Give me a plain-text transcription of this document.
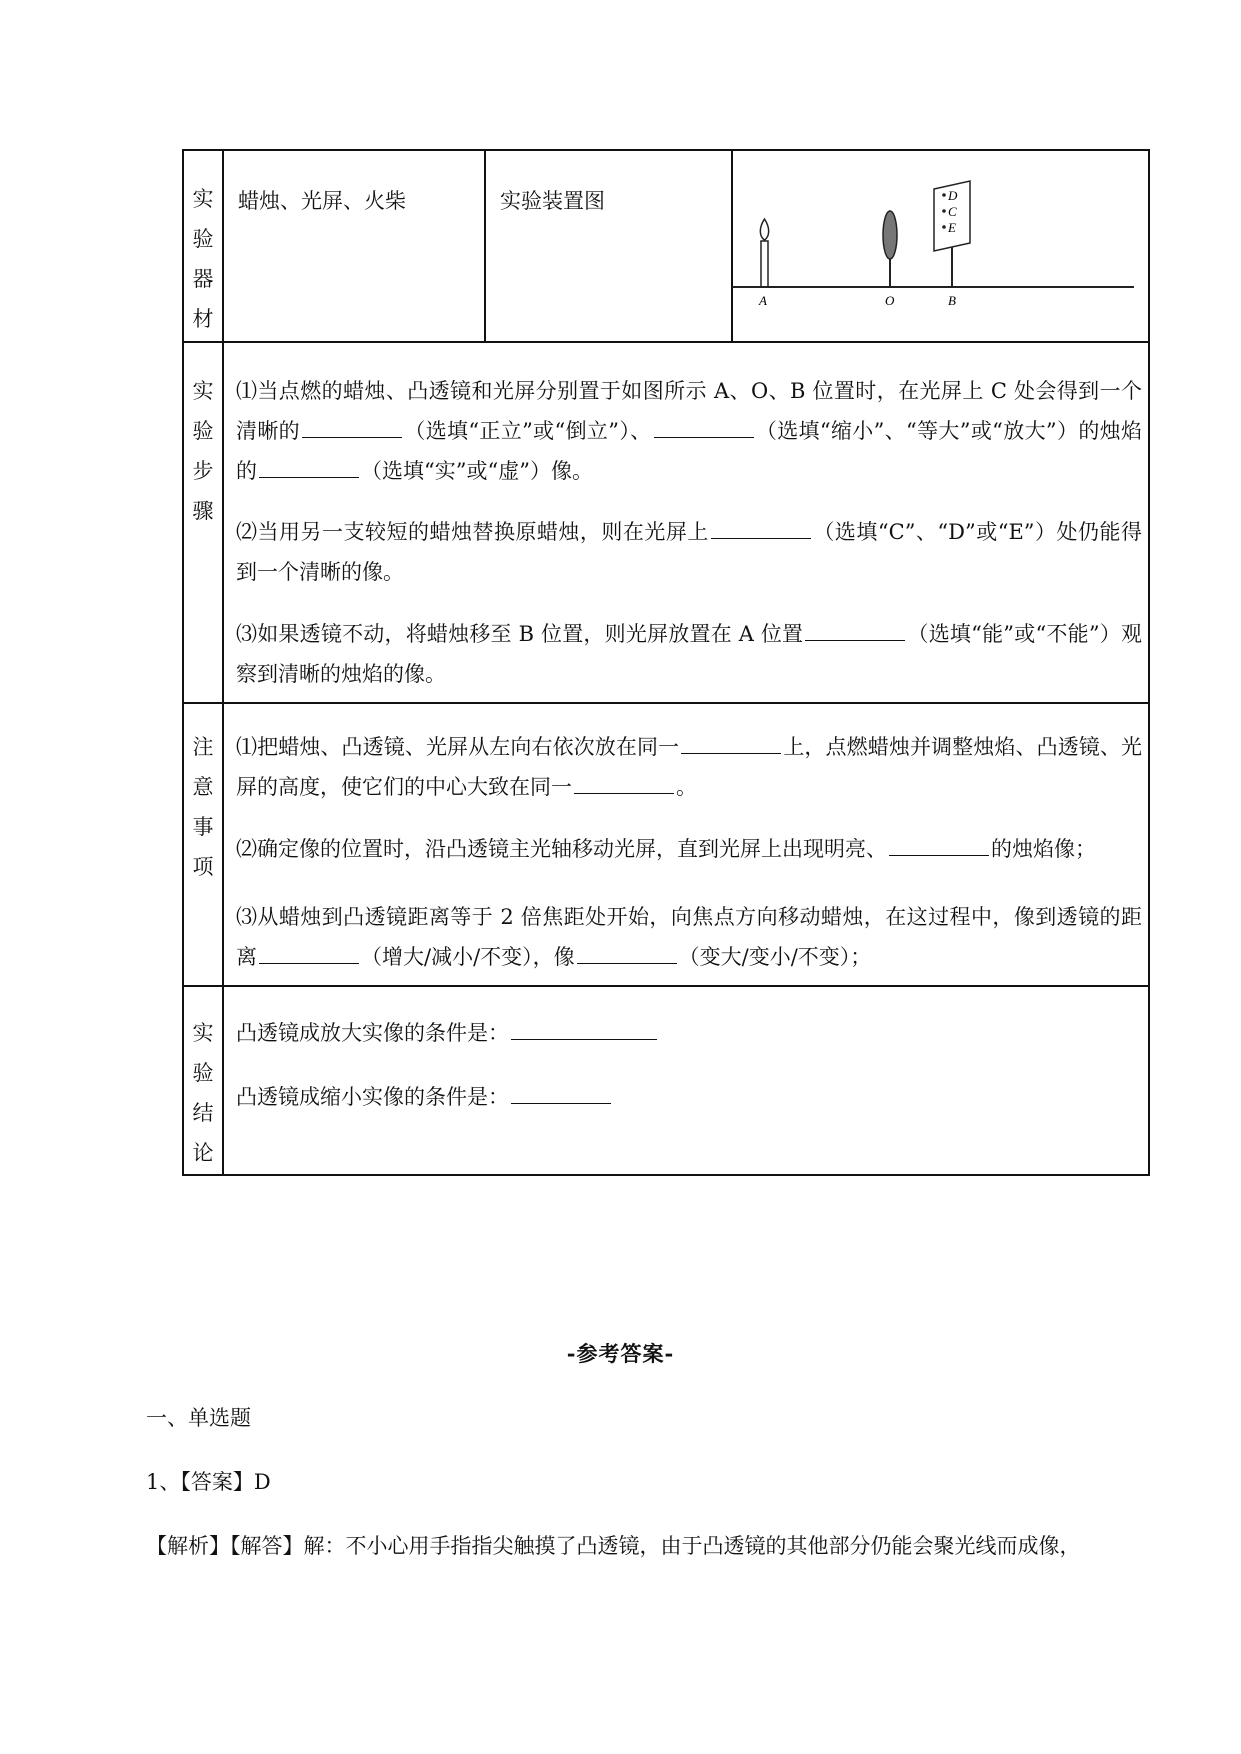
实验器材
蜡烛、光屏、火柴	实验装置图	D
C
E
A	O	B
实验步骤
⑴当点燃的蜡烛、凸透镜和光屏分别置于如图所示 A、O、B 位置时，在光屏上 C 处会得到一个清晰的	（选填“正立”或“倒立”）、	（选填“缩小”、“等大”或“放大”）的烛焰的	（选填“实”或“虚”）像。
⑵当用另一支较短的蜡烛替换原蜡烛，则在光屏上	（选填“C”、“D”或“E”）处仍能得到一个清晰的像。
⑶如果透镜不动，将蜡烛移至 B 位置，则光屏放置在 A 位置	（选填“能”或“不能”）观察到清晰的烛焰的像。
注意事项
⑴把蜡烛、凸透镜、光屏从左向右依次放在同一	上，点燃蜡烛并调整烛焰、凸透镜、光屏的高度，使它们的中心大致在同一	。
⑵确定像的位置时，沿凸透镜主光轴移动光屏，直到光屏上出现明亮、	的烛焰像；
⑶从蜡烛到凸透镜距离等于 2 倍焦距处开始，向焦点方向移动蜡烛，在这过程中，像到透镜的距离	（增大/减小/不变），像	（变大/变小/不变）；
实验结论
凸透镜成放大实像的条件是：
凸透镜成缩小实像的条件是：
-参考答案-
一、单选题
1、【答案】D
【解析】【解答】解：不小心用手指指尖触摸了凸透镜，由于凸透镜的其他部分仍能会聚光线而成像，
